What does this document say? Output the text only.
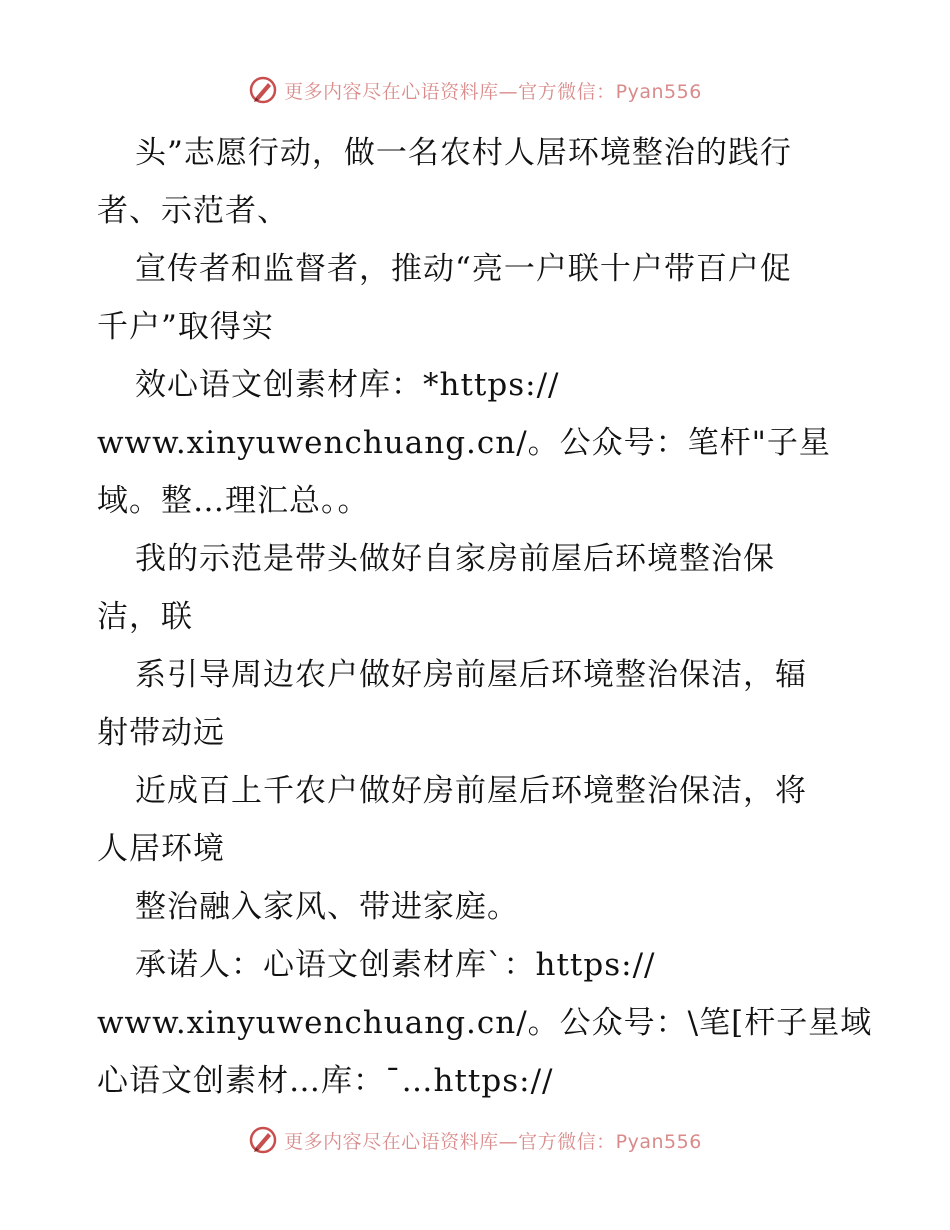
更多内容尽在心语资料库—官方微信：Pyan556
头”志愿行动，做一名农村人居环境整治的践行
者、示范者、
宣传者和监督者，推动“亮一户联十户带百户促
千户”取得实
效心语文创素材库：*https://
www.xinyuwenchuang.cn/。公众号：笔杆"子星
域。整…理汇总。。
我的示范是带头做好自家房前屋后环境整治保
洁，联
系引导周边农户做好房前屋后环境整治保洁，辐
射带动远
近成百上千农户做好房前屋后环境整治保洁，将
人居环境
整治融入家风、带进家庭。
承诺人：心语文创素材库`：https://
www.xinyuwenchuang.cn/。公众号：\笔[杆子星域
心语文创素材…库：¯…https://
更多内容尽在心语资料库—官方微信：Pyan556
